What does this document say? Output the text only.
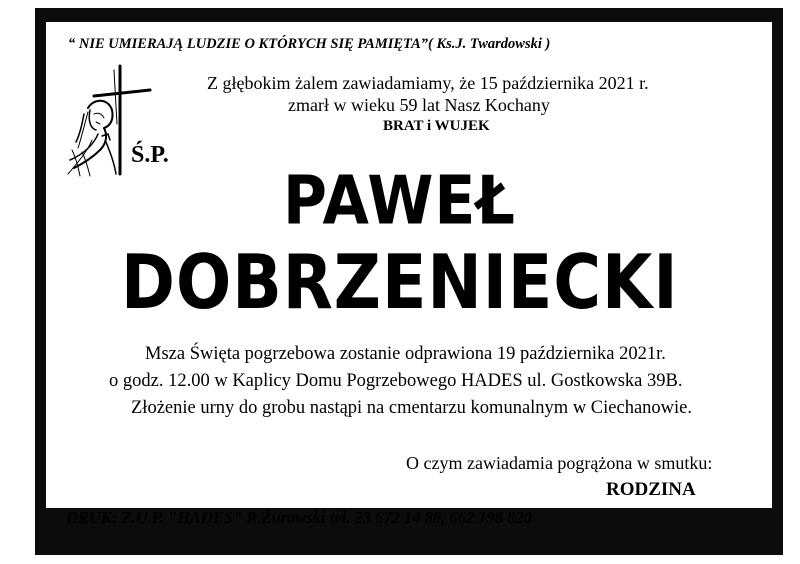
“ NIE UMIERAJĄ LUDZIE O KTÓRYCH SIĘ PAMIĘTA”( Ks.J. Twardowski )
Ś.P.
Z głębokim żalem zawiadamiamy, że 15 października 2021 r.
zmarł w wieku 59 lat Nasz Kochany
BRAT i WUJEK
PAWEŁ
DOBRZENIECKI
Msza Święta pogrzebowa zostanie odprawiona 19 października 2021r.
o godz. 12.00 w Kaplicy Domu Pogrzebowego HADES ul. Gostkowska 39B.
Złożenie urny do grobu nastąpi na cmentarzu komunalnym w Ciechanowie.
O czym zawiadamia pogrążona w smutku:
RODZINA
DRUK: Z.U.P. "HADES" R.Żurawski tel. 23 672 14 88, 662 198 820
